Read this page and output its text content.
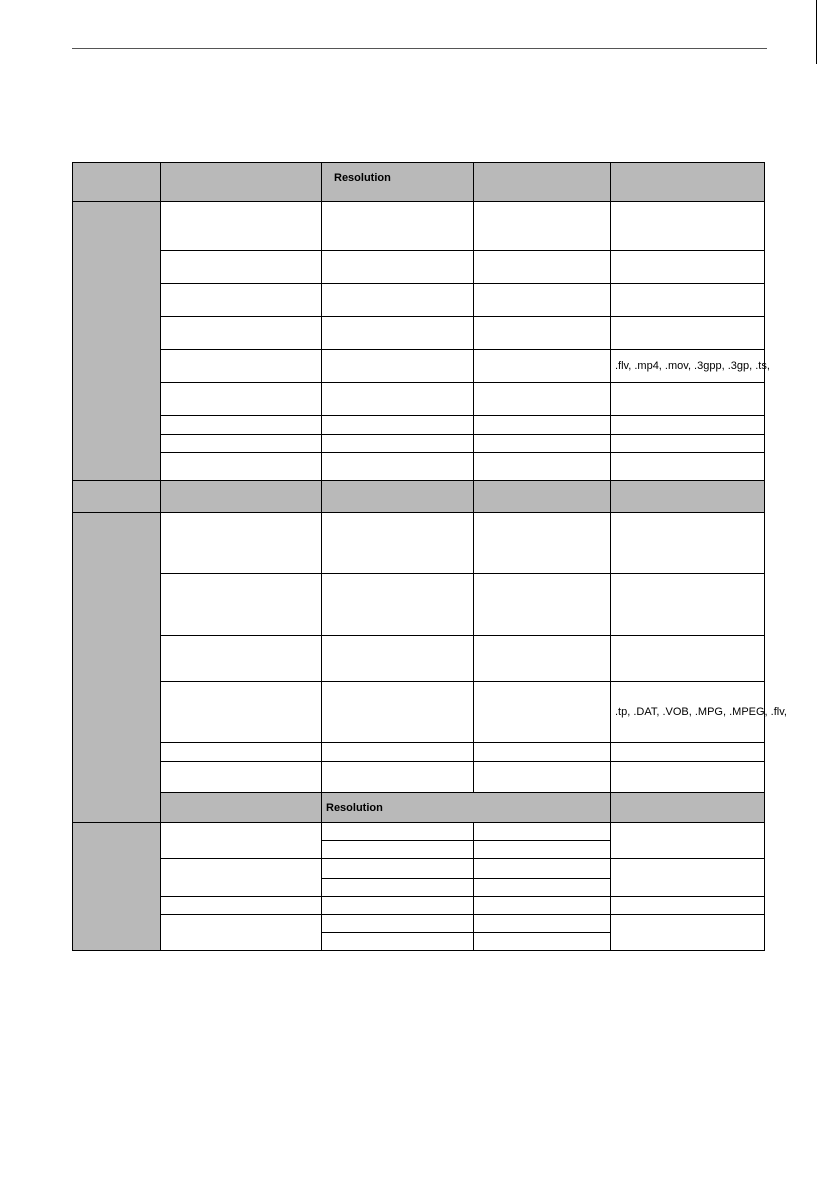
		Resolution		

				.flv, .mp4, .mov, .3gpp, .3gp, .ts,

				.tp, .DAT, .VOB, .MPG, .MPEG, .flv,

		Resolution		
